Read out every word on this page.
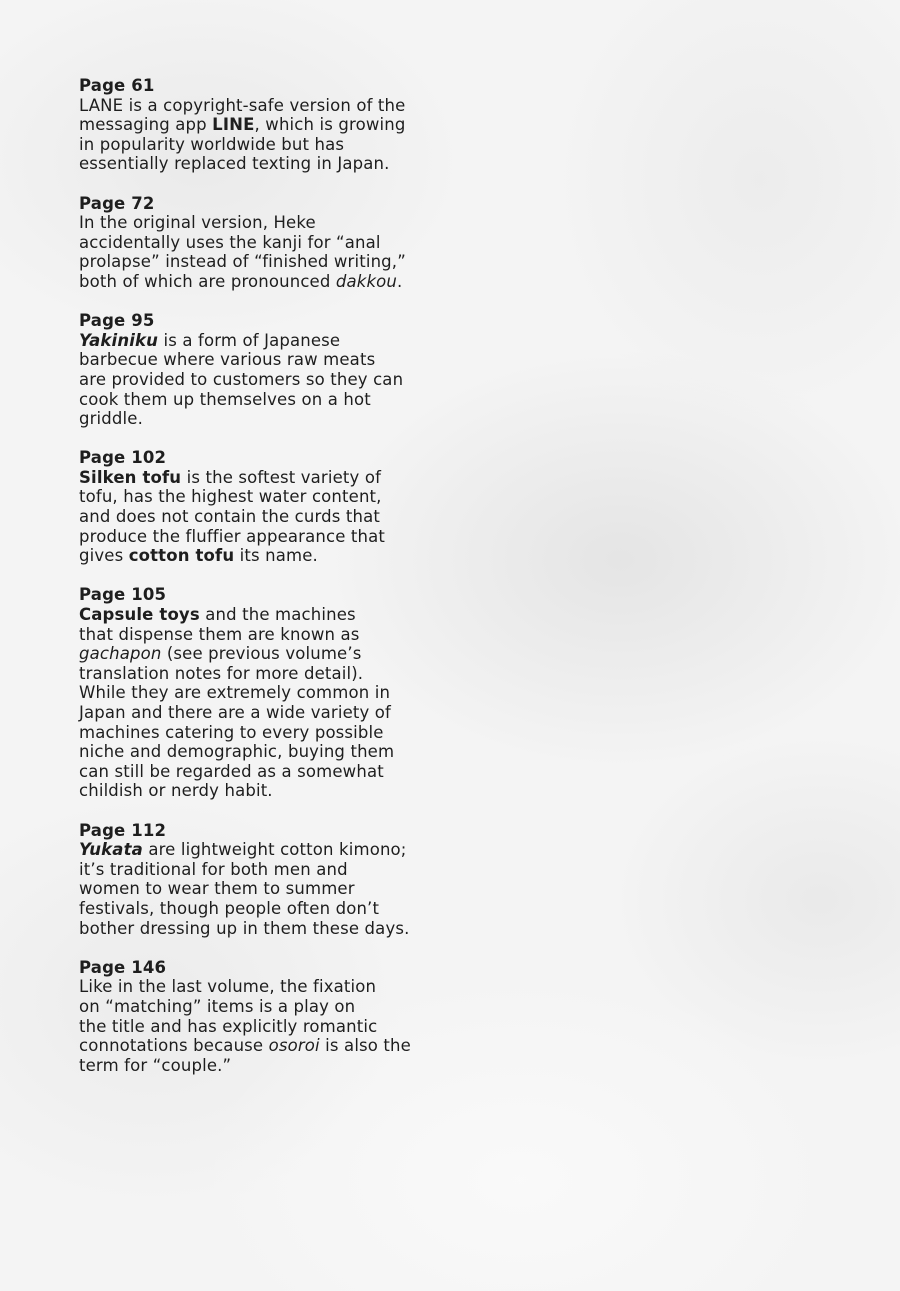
Page 61
LANE is a copyright-safe version of the
messaging app LINE, which is growing
in popularity worldwide but has
essentially replaced texting in Japan.
Page 72
In the original version, Heke
accidentally uses the kanji for “anal
prolapse” instead of “finished writing,”
both of which are pronounced dakkou.
Page 95
Yakiniku is a form of Japanese
barbecue where various raw meats
are provided to customers so they can
cook them up themselves on a hot
griddle.
Page 102
Silken tofu is the softest variety of
tofu, has the highest water content,
and does not contain the curds that
produce the fluffier appearance that
gives cotton tofu its name.
Page 105
Capsule toys and the machines
that dispense them are known as
gachapon (see previous volume’s
translation notes for more detail).
While they are extremely common in
Japan and there are a wide variety of
machines catering to every possible
niche and demographic, buying them
can still be regarded as a somewhat
childish or nerdy habit.
Page 112
Yukata are lightweight cotton kimono;
it’s traditional for both men and
women to wear them to summer
festivals, though people often don’t
bother dressing up in them these days.
Page 146
Like in the last volume, the fixation
on “matching” items is a play on
the title and has explicitly romantic
connotations because osoroi is also the
term for “couple.”
